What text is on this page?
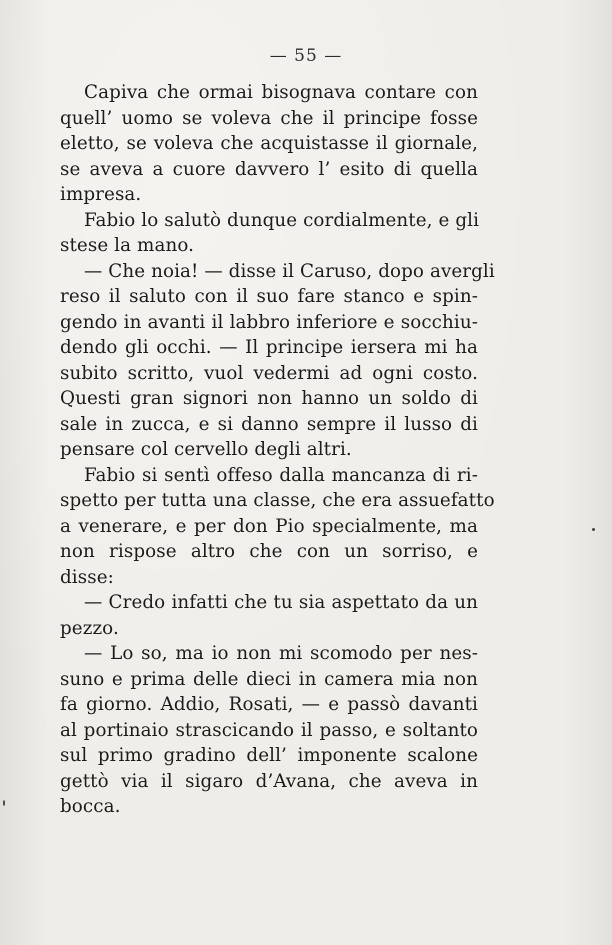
— 55 —
Capiva che ormai bisognava contare con
quell’ uomo se voleva che il principe fosse
eletto, se voleva che acquistasse il giornale,
se aveva a cuore davvero l’ esito di quella
impresa.
Fabio lo salutò dunque cordialmente, e gli
stese la mano.
— Che noia! — disse il Caruso, dopo avergli
reso il saluto con il suo fare stanco e spin-
gendo in avanti il labbro inferiore e socchiu-
dendo gli occhi. — Il principe iersera mi ha
subito scritto, vuol vedermi ad ogni costo.
Questi gran signori non hanno un soldo di
sale in zucca, e si danno sempre il lusso di
pensare col cervello degli altri.
Fabio si sentì offeso dalla mancanza di ri-
spetto per tutta una classe, che era assuefatto
a venerare, e per don Pio specialmente, ma
non rispose altro che con un sorriso, e
disse:
— Credo infatti che tu sia aspettato da un
pezzo.
— Lo so, ma io non mi scomodo per nes-
suno e prima delle dieci in camera mia non
fa giorno. Addio, Rosati, — e passò davanti
al portinaio strascicando il passo, e soltanto
sul primo gradino dell’ imponente scalone
gettò via il sigaro d’Avana, che aveva in
bocca.
